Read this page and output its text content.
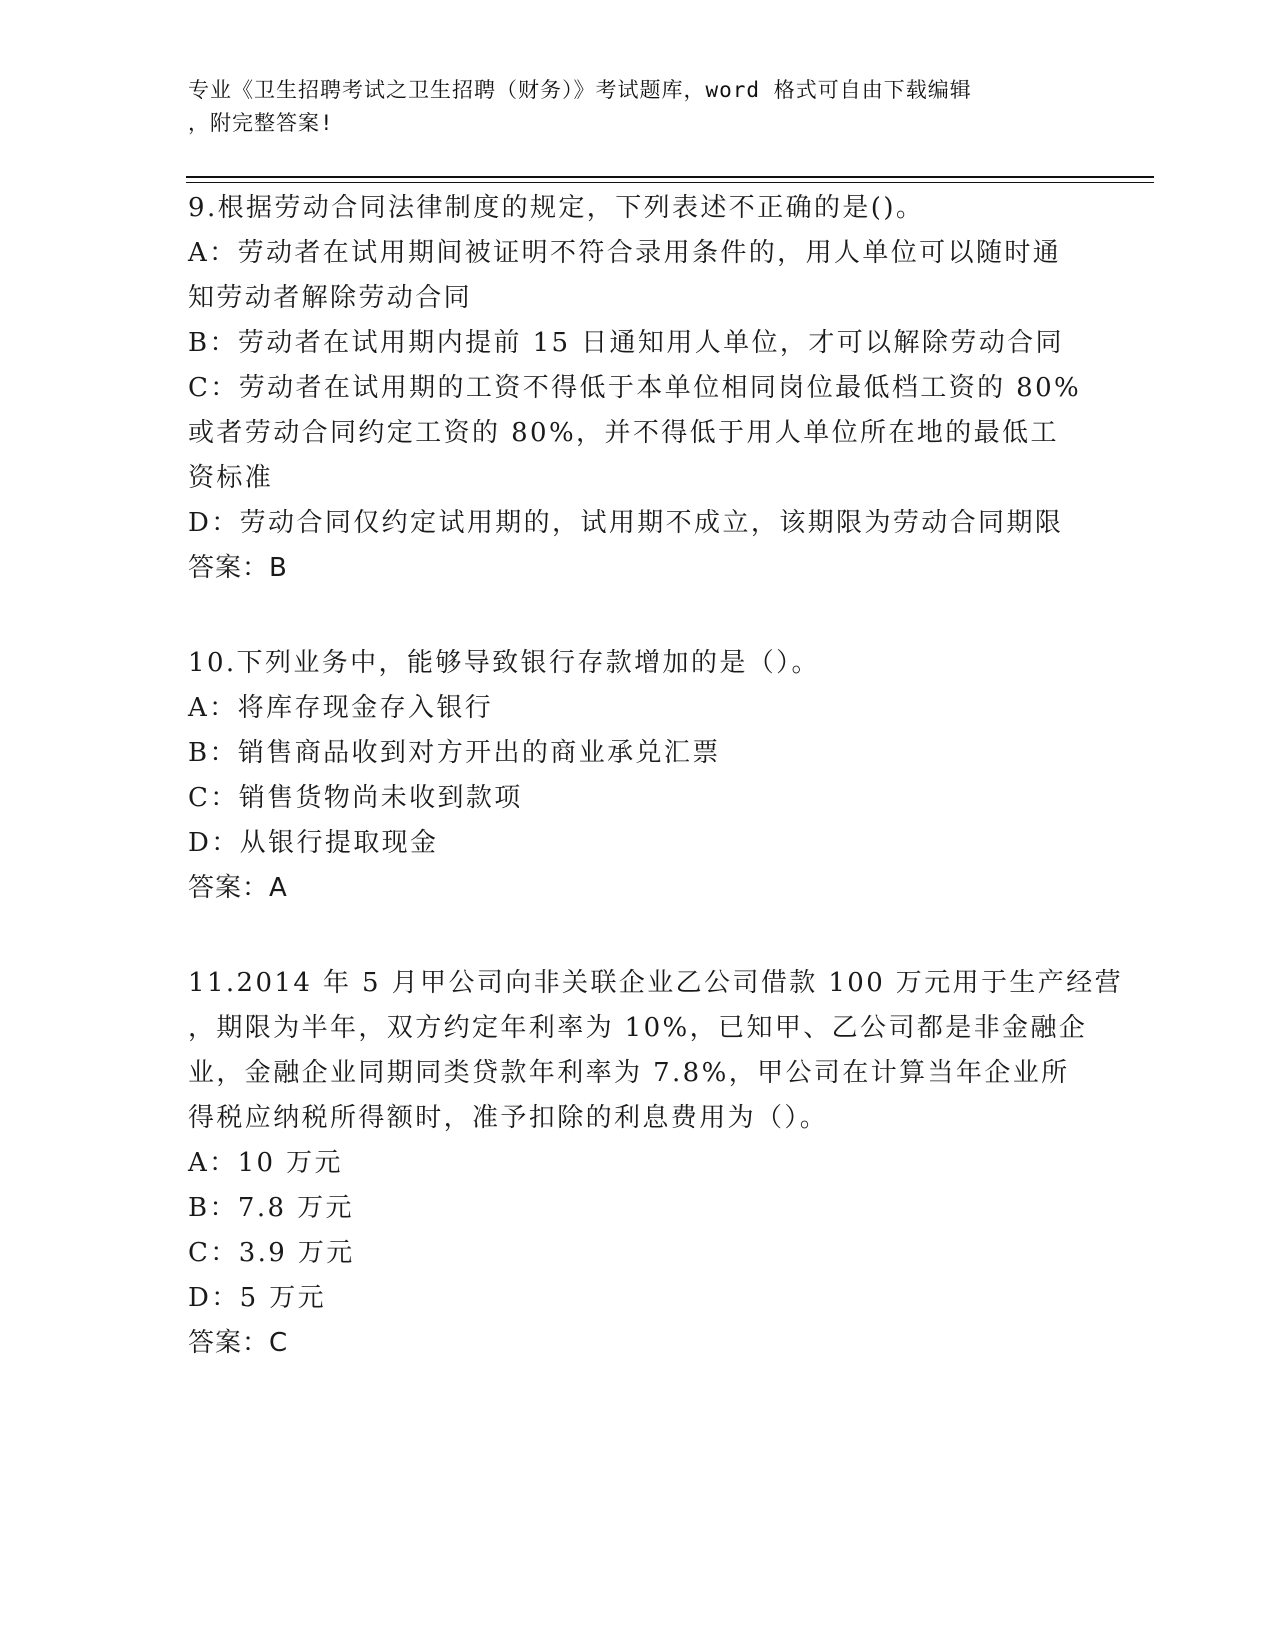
专业《卫生招聘考试之卫生招聘（财务）》考试题库，word 格式可自由下载编辑
，附完整答案!

9.根据劳动合同法律制度的规定，下列表述不正确的是()。

A：劳动者在试用期间被证明不符合录用条件的，用人单位可以随时通

知劳动者解除劳动合同

B：劳动者在试用期内提前 15 日通知用人单位，才可以解除劳动合同

C：劳动者在试用期的工资不得低于本单位相同岗位最低档工资的 80%

或者劳动合同约定工资的 80%，并不得低于用人单位所在地的最低工

资标准

D：劳动合同仅约定试用期的，试用期不成立，该期限为劳动合同期限

答案：B

10.下列业务中，能够导致银行存款增加的是（）。

A：将库存现金存入银行

B：销售商品收到对方开出的商业承兑汇票

C：销售货物尚未收到款项

D：从银行提取现金

答案：A

11.2014 年 5 月甲公司向非关联企业乙公司借款 100 万元用于生产经营

，期限为半年，双方约定年利率为 10%，已知甲、乙公司都是非金融企

业，金融企业同期同类贷款年利率为 7.8%，甲公司在计算当年企业所

得税应纳税所得额时，准予扣除的利息费用为（）。

A：10 万元

B：7.8 万元

C：3.9 万元

D：5 万元

答案：C
